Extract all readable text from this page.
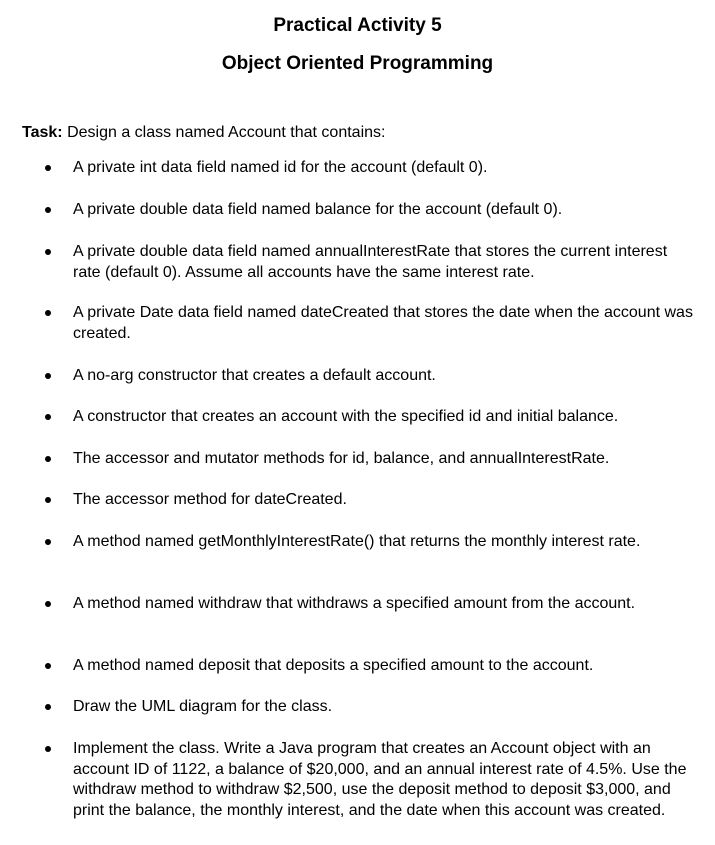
Practical Activity 5
Object Oriented Programming

Task: Design a class named Account that contains:

A private int data field named id for the account (default 0).

A private double data field named balance for the account (default 0).

A private double data field named annualInterestRate that stores the current interest rate (default 0). Assume all accounts have the same interest rate.

A private Date data field named dateCreated that stores the date when the account was created.

A no-arg constructor that creates a default account.

A constructor that creates an account with the specified id and initial balance.

The accessor and mutator methods for id, balance, and annualInterestRate.

The accessor method for dateCreated.

A method named getMonthlyInterestRate() that returns the monthly interest rate.

A method named withdraw that withdraws a specified amount from the account.

A method named deposit that deposits a specified amount to the account.

Draw the UML diagram for the class.

Implement the class. Write a Java program that creates an Account object with an account ID of 1122, a balance of $20,000, and an annual interest rate of 4.5%. Use the withdraw method to withdraw $2,500, use the deposit method to deposit $3,000, and print the balance, the monthly interest, and the date when this account was created.
